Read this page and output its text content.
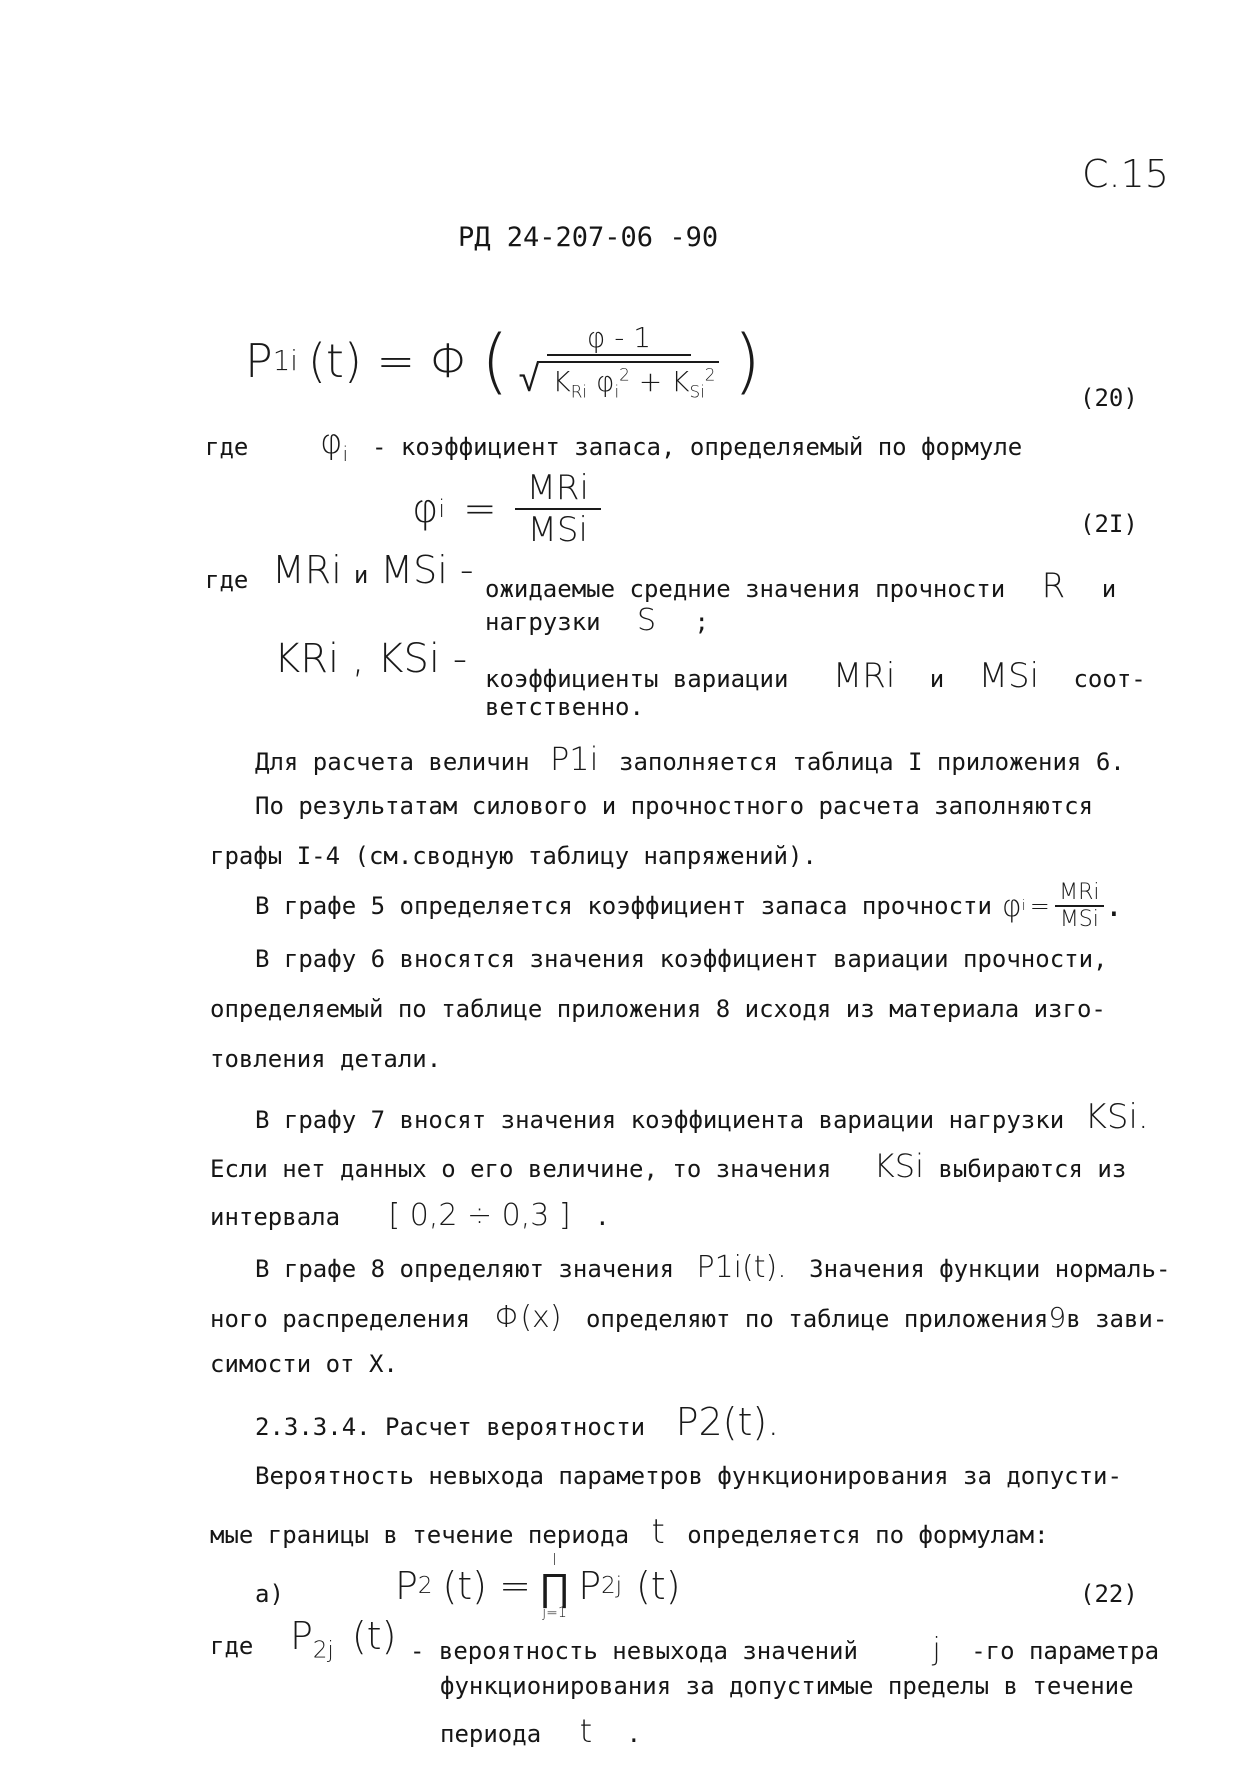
С.15
РД 24-207-06 -90
P 1i (t) = Φ ( $\frac{\varphi - 1}{√ K_{Ri} \varphi_i^2 + K_{Si}^2}$ )	(20)
где $\varphi_i$ - коэффициент запаса, определяемый по формуле
φ $i = \frac{\text{MRi}}{\text{MSi}}$	(2I)
где MRi и MSi - ожидаемые средние значения прочности R и
нагрузки S ;
KRi , KSi - коэффициенты вариации MRi и MSi соот-
ветственно.
Для расчета величин P1i заполняется таблица I приложения 6.
По результатам силового и прочностного расчета заполняются
графы I-4 (см.сводную таблицу напряжений).
В графе 5 определяется коэффициент запаса прочности φ $i = \frac{\text{MRi}}{\text{MSi}}$ .
В графу 6 вносятся значения коэффициент вариации прочности,
определяемый по таблице приложения 8 исходя из материала изго-
товления детали.
В графу 7 вносят значения коэффициента вариации нагрузки KSi.
Если нет данных о его величине, то значения KSi выбираются из
интервала [ 0,2 ÷ 0,3 ] .
В графе 8 определяют значения P1i(t). Значения функции нормаль-
ного распределения Φ(x) определяют по таблице приложения9в зави-
симости от X.
2.3.3.4. Расчет вероятности P2(t).
Вероятность невыхода параметров функционирования за допусти-
мые границы в течение периода t определяется по формулам:
а)	P 2 (t) =
l
∏
j=1
P 2j (t)	(22)
где $P_{2j}$ (t) - вероятность невыхода значений j -го параметра
функционирования за допустимые пределы в течение
периода t .
